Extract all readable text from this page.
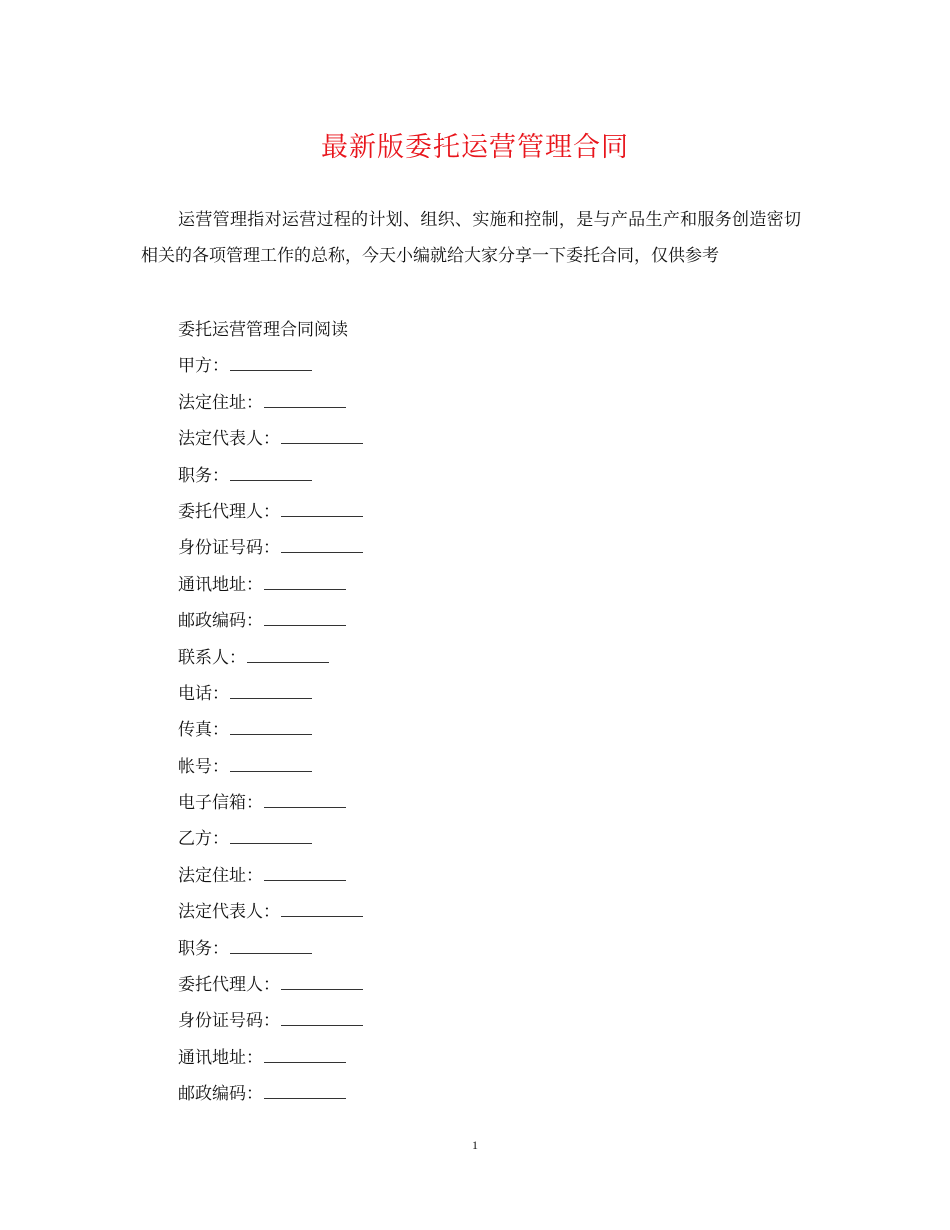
最新版委托运营管理合同

运营管理指对运营过程的计划、组织、实施和控制，是与产品生产和服务创造密切相关的各项管理工作的总称，今天小编就给大家分享一下委托合同，仅供参考

委托运营管理合同阅读
甲方：
法定住址：
法定代表人：
职务：
委托代理人：
身份证号码：
通讯地址：
邮政编码：
联系人：
电话：
传真：
帐号：
电子信箱：
乙方：
法定住址：
法定代表人：
职务：
委托代理人：
身份证号码：
通讯地址：
邮政编码：
1
